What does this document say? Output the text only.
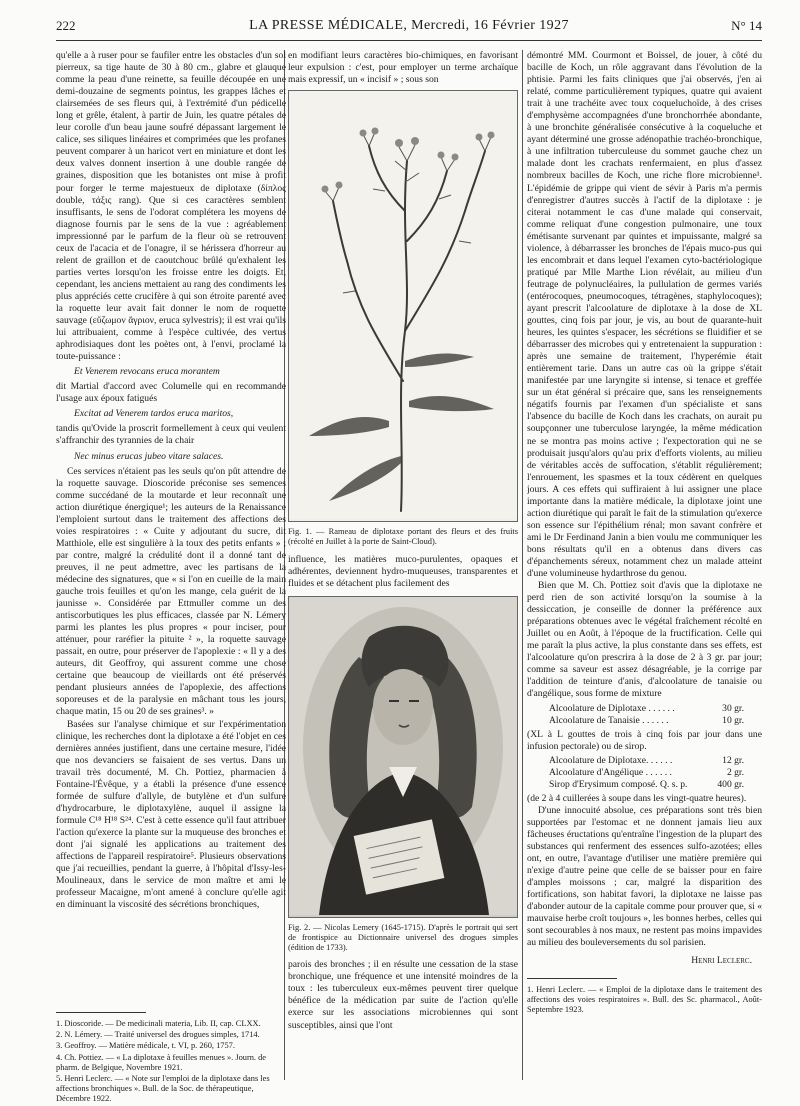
222	LA PRESSE MÉDICALE, Mercredi, 16 Février 1927	N° 14

qu'elle a à ruser pour se faufiler entre les obstacles d'un sol pierreux, sa tige haute de 30 à 80 cm., glabre et glauque comme la peau d'une reinette, sa feuille découpée en une demi-douzaine de segments pointus, les grappes lâches et clairsemées de ses fleurs qui, à l'extrémité d'un pédicelle long et grêle, étalent, à partir de Juin, les quatre pétales de leur corolle d'un beau jaune soufré dépassant largement le calice, ses siliques linéaires et comprimées que les profanes peuvent comparer à un haricot vert en miniature et dont les deux valves donnent insertion à une double rangée de graines, disposition que les botanistes ont mise à profit pour forger le terme majestueux de diplotaxe (δίπλος double, τάξις rang). Que si ces caractères semblent insuffisants, le sens de l'odorat complétera les moyens de diagnose fournis par le sens de la vue : agréablement impressionné par le parfum de la fleur où se retrouvent ceux de l'acacia et de l'onagre, il se hérissera d'horreur au relent de graillon et de caoutchouc brûlé qu'exhalent les parties vertes lorsqu'on les froisse entre les doigts. Et, cependant, les anciens mettaient au rang des condiments les plus appréciés cette crucifère à qui son étroite parenté avec la roquette leur avait fait donner le nom de roquette sauvage (εὔζωμον ἄγριον, eruca sylvestris); il est vrai qu'ils lui attribuaient, comme à l'espèce cultivée, des vertus aphrodisiaques dont les poètes ont, à l'envi, proclamé la toute-puissance :

Et Venerem revocans eruca morantem

dit Martial d'accord avec Columelle qui en recommande l'usage aux époux fatigués

Excitat ad Venerem tardos eruca maritos,

tandis qu'Ovide la proscrit formellement à ceux qui veulent s'affranchir des tyrannies de la chair

Nec minus erucas jubeo vitare salaces.

Ces services n'étaient pas les seuls qu'on pût attendre de la roquette sauvage. Dioscoride préconise ses semences comme succédané de la moutarde et leur reconnaît une action diurétique énergique¹; les auteurs de la Renaissance l'emploient surtout dans le traitement des affections des voies respiratoires : « Cuite y adjoutant du sucre, dit Matthiole, elle est singulière à la toux des petits enfants » ; par contre, malgré la crédulité dont il a donné tant de preuves, il ne peut admettre, avec les partisans de la médecine des signatures, que « si l'on en cueille de la main gauche trois feuilles et qu'on les mange, cela guérit de la jaunisse ». Considérée par Ettmuller comme un des antiscorbutiques les plus efficaces, classée par N. Lémery parmi les plantes les plus propres « pour inciser, pour atténuer, pour raréfier la pituite ² », la roquette sauvage passait, en outre, pour préserver de l'apoplexie : « Il y a des auteurs, dit Geoffroy, qui assurent comme une chose certaine que beaucoup de vieillards ont été préservés pendant plusieurs années de l'apoplexie, des affections soporeuses et de la paralysie en mâchant tous les jours, chaque matin, 15 ou 20 de ses graines³. »

Basées sur l'analyse chimique et sur l'expérimentation clinique, les recherches dont la diplotaxe a été l'objet en ces dernières années justifient, dans une certaine mesure, l'idée que nos devanciers se faisaient de ses vertus. Dans un travail très documenté, M. Ch. Pottiez, pharmacien à Fontaine-l'Évêque, y a établi la présence d'une essence formée de sulfure d'allyle, de butylène et d'un sulfure d'hydrocarbure, le diplotaxylène, auquel il assigne la formule C¹⁸ H¹⁸ S²⁴. C'est à cette essence qu'il faut attribuer l'action qu'exerce la plante sur la muqueuse des bronches et dont j'ai signalé les applications au traitement des affections de l'appareil respiratoire⁵. Plusieurs observations que j'ai recueillies, pendant la guerre, à l'hôpital d'Issy-les-Moulineaux, dans le service de mon maître et ami le professeur Macaigne, m'ont amené à conclure qu'elle agit en diminuant la viscosité des sécrétions bronchiques,

1. Dioscoride. — De medicinali materia, Lib. II, cap. CLXX.

2. N. Lémery. — Traité universel des drogues simples, 1714.

3. Geoffroy. — Matière médicale, t. VI, p. 260, 1757.

4. Ch. Pottiez. — « La diplotaxe à feuilles menues ». Journ. de pharm. de Belgique, Novembre 1921.

5. Henri Leclerc. — « Note sur l'emploi de la diplotaxe dans les affections bronchiques ». Bull. de la Soc. de thérapeutique, Décembre 1922.

en modifiant leurs caractères bio-chimiques, en favorisant leur expulsion : c'est, pour employer un terme archaïque mais expressif, un « incisif » ; sous son

Fig. 1. — Rameau de diplotaxe portant des fleurs et des fruits (récolté en Juillet à la porte de Saint-Cloud).

influence, les matières muco-purulentes, opaques et adhérentes, deviennent hydro-muqueuses, transparentes et fluides et se détachent plus facilement des

Fig. 2. — Nicolas Lemery (1645-1715). D'après le portrait qui sert de frontispice au Dictionnaire universel des drogues simples (édition de 1733).

parois des bronches ; il en résulte une cessation de la stase bronchique, une fréquence et une intensité moindres de la toux : les tuberculeux eux-mêmes peuvent tirer quelque bénéfice de la médication par suite de l'action qu'elle exerce sur les associations microbiennes qui sont susceptibles, ainsi que l'ont

démontré MM. Courmont et Boissel, de jouer, à côté du bacille de Koch, un rôle aggravant dans l'évolution de la phtisie. Parmi les faits cliniques que j'ai observés, j'en ai relaté, comme particulièrement typiques, quatre qui avaient trait à une trachéite avec toux coqueluchoïde, à des crises d'emphysème accompagnées d'une bronchorrhée abondante, à une bronchite généralisée consécutive à la coqueluche et ayant déterminé une grosse adénopathie trachéo-bronchique, à une infiltration tuberculeuse du sommet gauche chez un malade dont les crachats renfermaient, en plus d'assez nombreux bacilles de Koch, une riche flore microbienne¹. L'épidémie de grippe qui vient de sévir à Paris m'a permis d'enregistrer d'autres succès à l'actif de la diplotaxe : je citerai notamment le cas d'une malade qui conservait, comme reliquat d'une congestion pulmonaire, une toux émétisante survenant par quintes et impuissante, malgré sa violence, à débarrasser les bronches de l'épais muco-pus qui les encombrait et dans lequel l'examen cyto-bactériologique pratiqué par Mlle Marthe Lion révélait, au milieu d'un feutrage de polynucléaires, la pullulation de germes variés (entérocoques, pneumocoques, tétragènes, staphylocoques); ayant prescrit l'alcoolature de diplotaxe à la dose de XL gouttes, cinq fois par jour, je vis, au bout de quarante-huit heures, les quintes s'espacer, les sécrétions se fluidifier et se débarrasser des microbes qui y entretenaient la suppuration : après une semaine de traitement, l'hyperémie était entièrement tarie. Dans un autre cas où la grippe s'était manifestée par une laryngite si intense, si tenace et greffée sur un état général si précaire que, sans les renseignements négatifs fournis par l'examen d'un spécialiste et sans l'absence du bacille de Koch dans les crachats, on aurait pu soupçonner une tuberculose laryngée, la même médication ne se montra pas moins active ; l'expectoration qui ne se produisait jusqu'alors qu'au prix d'efforts violents, au milieu de véritables accès de suffocation, s'établit régulièrement; l'enrouement, les spasmes et la toux cédèrent en quelques jours. A ces effets qui suffiraient à lui assigner une place importante dans la matière médicale, la diplotaxe joint une action diurétique qui paraît le fait de la stimulation qu'exerce son essence sur l'épithélium rénal; mon savant confrère et ami le Dr Ferdinand Janin a bien voulu me communiquer les bons résultats qu'il en a obtenus dans divers cas d'épanchements séreux, notamment chez un malade atteint d'une volumineuse hydarthrose du genou.

Bien que M. Ch. Pottiez soit d'avis que la diplotaxe ne perd rien de son activité lorsqu'on la soumise à la dessiccation, je conseille de donner la préférence aux préparations obtenues avec le végétal fraîchement récolté en Juillet ou en Août, à l'époque de la fructification. Celle qui me paraît la plus active, la plus constante dans ses effets, est l'alcoolature qu'on prescrira à la dose de 2 à 3 gr. par jour; comme sa saveur est assez désagréable, je la corrige par l'addition de teinture d'anis, d'alcoolature de tanaisie ou d'angélique, sous forme de mixture

Alcoolature de Diplotaxe . . . . . .	30 gr.
Alcoolature de Tanaisie . . . . . .	10 gr.

(XL à L gouttes de trois à cinq fois par jour dans une infusion pectorale) ou de sirop.

Alcoolature de Diplotaxe. . . . . .	12 gr.
Alcoolature d'Angélique . . . . . .	2 gr.
Sirop d'Erysimum composé. Q. s. p.	400 gr.

(de 2 à 4 cuillerées à soupe dans les vingt-quatre heures).

D'une innocuité absolue, ces préparations sont très bien supportées par l'estomac et ne donnent jamais lieu aux fâcheuses éructations qu'entraîne l'ingestion de la plupart des substances qui renferment des essences sulfo-azotées; elles ont, en outre, l'avantage d'utiliser une matière première qui n'exige d'autre peine que celle de se baisser pour en faire d'amples moissons ; car, malgré la disparition des fortifications, son habitat favori, la diplotaxe ne laisse pas d'abonder autour de la capitale comme pour prouver que, si « mauvaise herbe croît toujours », les bonnes herbes, celles qui sont secourables à nos maux, ne restent pas moins impavides au milieu des bouleversements du sol parisien.

Henri Leclerc.

1. Henri Leclerc. — « Emploi de la diplotaxe dans le traitement des affections des voies respiratoires ». Bull. des Sc. pharmacol., Août-Septembre 1923.
